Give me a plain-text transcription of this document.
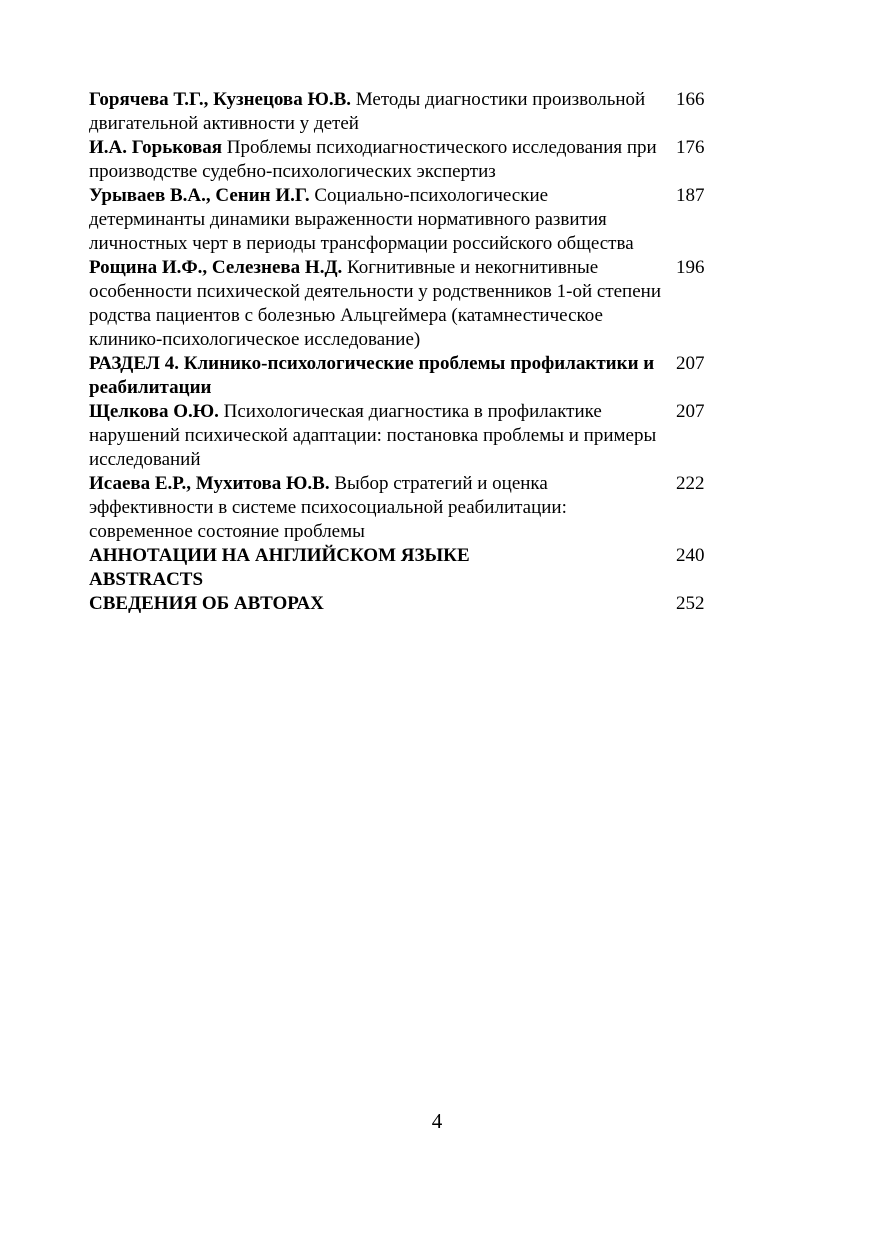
Горячева Т.Г., Кузнецова Ю.В. Методы диагностики произвольной двигательной активности у детей
166
И.А. Горьковая Проблемы психодиагностического исследования при производстве судебно-психологических экспертиз
176
Урываев В.А., Сенин И.Г. Социально-психологические детерминанты динамики выраженности нормативного развития личностных черт в периоды трансформации российского общества
187
Рощина И.Ф., Селезнева Н.Д. Когнитивные и некогнитивные особенности психической деятельности у родственников 1-ой степени родства пациентов с болезнью Альцгеймера (катамнестическое клинико-психологическое исследование)
196
РАЗДЕЛ 4. Клинико-психологические проблемы профилактики и реабилитации
207
Щелкова О.Ю. Психологическая диагностика в профилактике нарушений психической адаптации: постановка проблемы и примеры исследований
207
Исаева Е.Р., Мухитова Ю.В. Выбор стратегий и оценка эффективности в системе психосоциальной реабилитации: современное состояние проблемы
222
АННОТАЦИИ НА АНГЛИЙСКОМ ЯЗЫКЕ ABSTRACTS
240
СВЕДЕНИЯ ОБ АВТОРАХ	252
4
